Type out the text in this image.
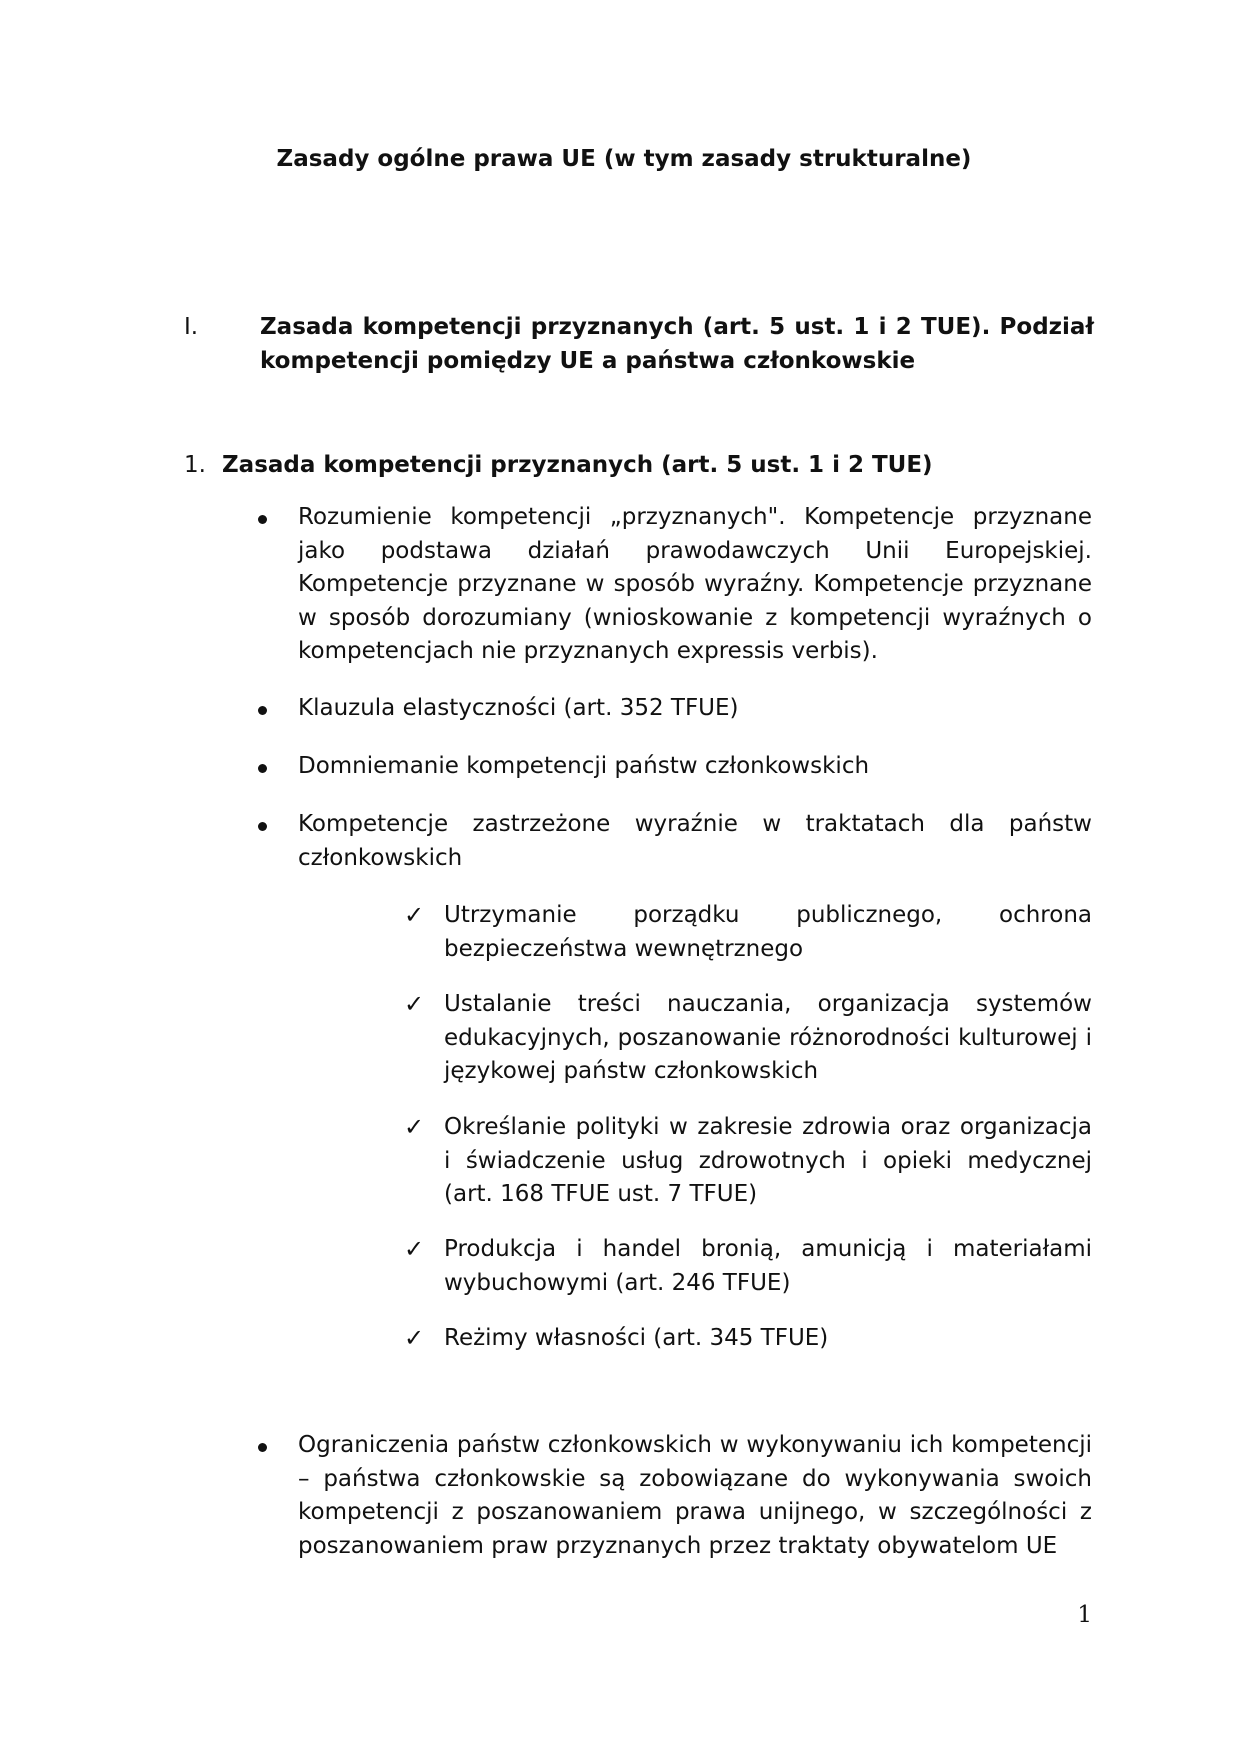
Zasady ogólne prawa UE (w tym zasady strukturalne)
I.	Zasada kompetencji przyznanych (art. 5 ust. 1 i 2 TUE). Podział kompetencji pomiędzy UE a państwa członkowskie
1. Zasada kompetencji przyznanych (art. 5 ust. 1 i 2 TUE)
Rozumienie kompetencji „przyznanych". Kompetencje przyznane jako podstawa działań prawodawczych Unii Europejskiej. Kompetencje przyznane w sposób wyraźny. Kompetencje przyznane w sposób dorozumiany (wnioskowanie z kompetencji wyraźnych o kompetencjach nie przyznanych expressis verbis).
Klauzula elastyczności (art. 352 TFUE)
Domniemanie kompetencji państw członkowskich
Kompetencje zastrzeżone wyraźnie w traktatach dla państw członkowskich
✓ Utrzymanie porządku publicznego, ochrona bezpieczeństwa wewnętrznego
✓ Ustalanie treści nauczania, organizacja systemów edukacyjnych, poszanowanie różnorodności kulturowej i językowej państw członkowskich
✓ Określanie polityki w zakresie zdrowia oraz organizacja i świadczenie usług zdrowotnych i opieki medycznej (art. 168 TFUE ust. 7 TFUE)
✓ Produkcja i handel bronią, amunicją i materiałami wybuchowymi (art. 246 TFUE)
✓ Reżimy własności (art. 345 TFUE)
Ograniczenia państw członkowskich w wykonywaniu ich kompetencji – państwa członkowskie są zobowiązane do wykonywania swoich kompetencji z poszanowaniem prawa unijnego, w szczególności z poszanowaniem praw przyznanych przez traktaty obywatelom UE
1
